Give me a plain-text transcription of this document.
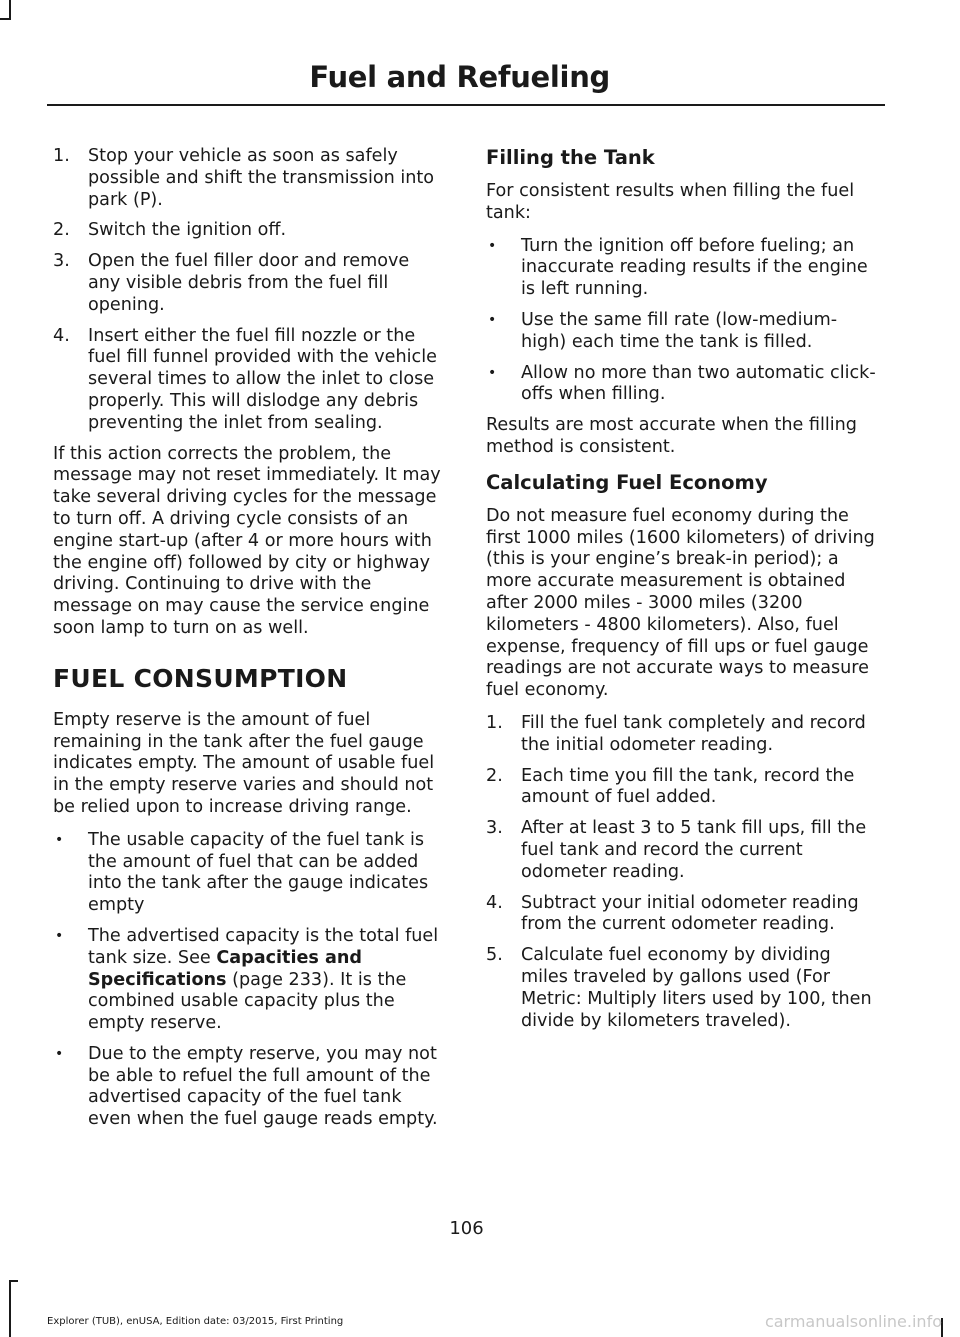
Fuel and Refueling
1. Stop your vehicle as soon as safely possible and shift the transmission into park (P).
2. Switch the ignition off.
3. Open the fuel filler door and remove any visible debris from the fuel fill opening.
4. Insert either the fuel fill nozzle or the fuel fill funnel provided with the vehicle several times to allow the inlet to close properly. This will dislodge any debris preventing the inlet from sealing.

If this action corrects the problem, the message may not reset immediately. It may take several driving cycles for the message to turn off. A driving cycle consists of an engine start-up (after 4 or more hours with the engine off) followed by city or highway driving. Continuing to drive with the message on may cause the service engine soon lamp to turn on as well.

FUEL CONSUMPTION

Empty reserve is the amount of fuel remaining in the tank after the fuel gauge indicates empty. The amount of usable fuel in the empty reserve varies and should not be relied upon to increase driving range.

• The usable capacity of the fuel tank is the amount of fuel that can be added into the tank after the gauge indicates empty
• The advertised capacity is the total fuel tank size. See Capacities and Specifications (page 233). It is the combined usable capacity plus the empty reserve.
• Due to the empty reserve, you may not be able to refuel the full amount of the advertised capacity of the fuel tank even when the fuel gauge reads empty.
Filling the Tank

For consistent results when filling the fuel tank:

• Turn the ignition off before fueling; an inaccurate reading results if the engine is left running.
• Use the same fill rate (low-medium-high) each time the tank is filled.
• Allow no more than two automatic click-offs when filling.

Results are most accurate when the filling method is consistent.

Calculating Fuel Economy

Do not measure fuel economy during the first 1000 miles (1600 kilometers) of driving (this is your engine’s break-in period); a more accurate measurement is obtained after 2000 miles - 3000 miles (3200 kilometers - 4800 kilometers). Also, fuel expense, frequency of fill ups or fuel gauge readings are not accurate ways to measure fuel economy.

1. Fill the fuel tank completely and record the initial odometer reading.
2. Each time you fill the tank, record the amount of fuel added.
3. After at least 3 to 5 tank fill ups, fill the fuel tank and record the current odometer reading.
4. Subtract your initial odometer reading from the current odometer reading.
5. Calculate fuel economy by dividing miles traveled by gallons used (For Metric: Multiply liters used by 100, then divide by kilometers traveled).
106
Explorer (TUB), enUSA, Edition date: 03/2015, First Printing	carmanualsonline.info
